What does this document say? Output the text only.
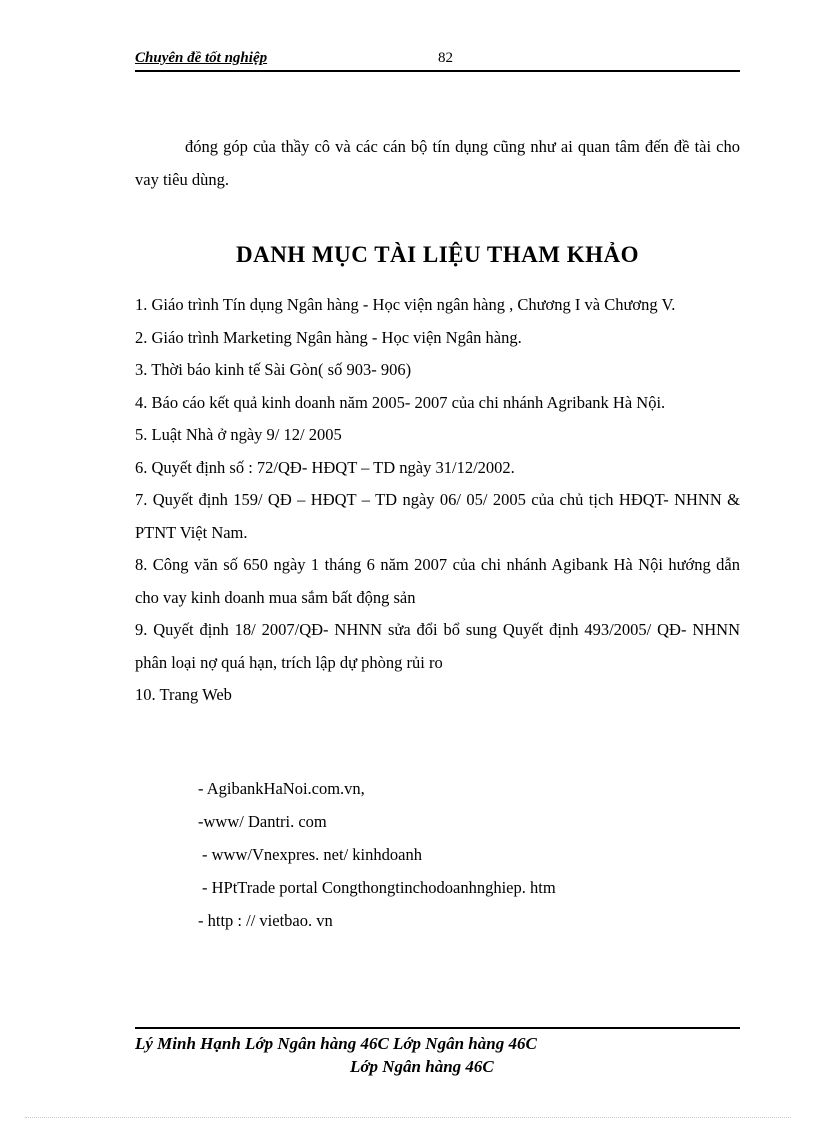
Chuyên đề tốt nghiệp	82
đóng góp của thầy cô và các cán bộ tín dụng cũng như ai quan tâm đến đề tài cho vay tiêu dùng.
DANH MỤC TÀI LIỆU THAM KHẢO
1. Giáo trình Tín dụng Ngân hàng - Học viện ngân hàng , Chương I và Chương V.
2. Giáo trình Marketing Ngân hàng - Học viện Ngân hàng.
3. Thời báo kinh tế Sài Gòn( số 903- 906)
4. Báo cáo kết quả kinh doanh năm 2005- 2007 của chi nhánh Agribank Hà Nội.
5. Luật Nhà ở ngày 9/ 12/ 2005
6. Quyết định số : 72/QĐ- HĐQT – TD ngày 31/12/2002.
7. Quyết định 159/ QĐ – HĐQT – TD ngày 06/ 05/ 2005 của chủ tịch HĐQT- NHNN & PTNT Việt Nam.
8. Công văn số 650 ngày 1 tháng 6 năm 2007 của chi nhánh Agibank Hà Nội hướng dẫn cho vay kinh doanh mua sắm bất động sản
9. Quyết định 18/ 2007/QĐ- NHNN sửa đổi bổ sung Quyết định 493/2005/ QĐ- NHNN phân loại nợ quá hạn, trích lập dự phòng rủi ro
10. Trang Web
- AgibankHaNoi.com.vn,
-www/ Dantri. com
- www/Vnexpres. net/ kinhdoanh
- HPtTrade portal Congthongtinchodoanhnghiep. htm
- http : // vietbao. vn
Lý Minh Hạnh Lớp Ngân hàng 46C Lớp Ngân hàng 46C
Lớp Ngân hàng 46C
